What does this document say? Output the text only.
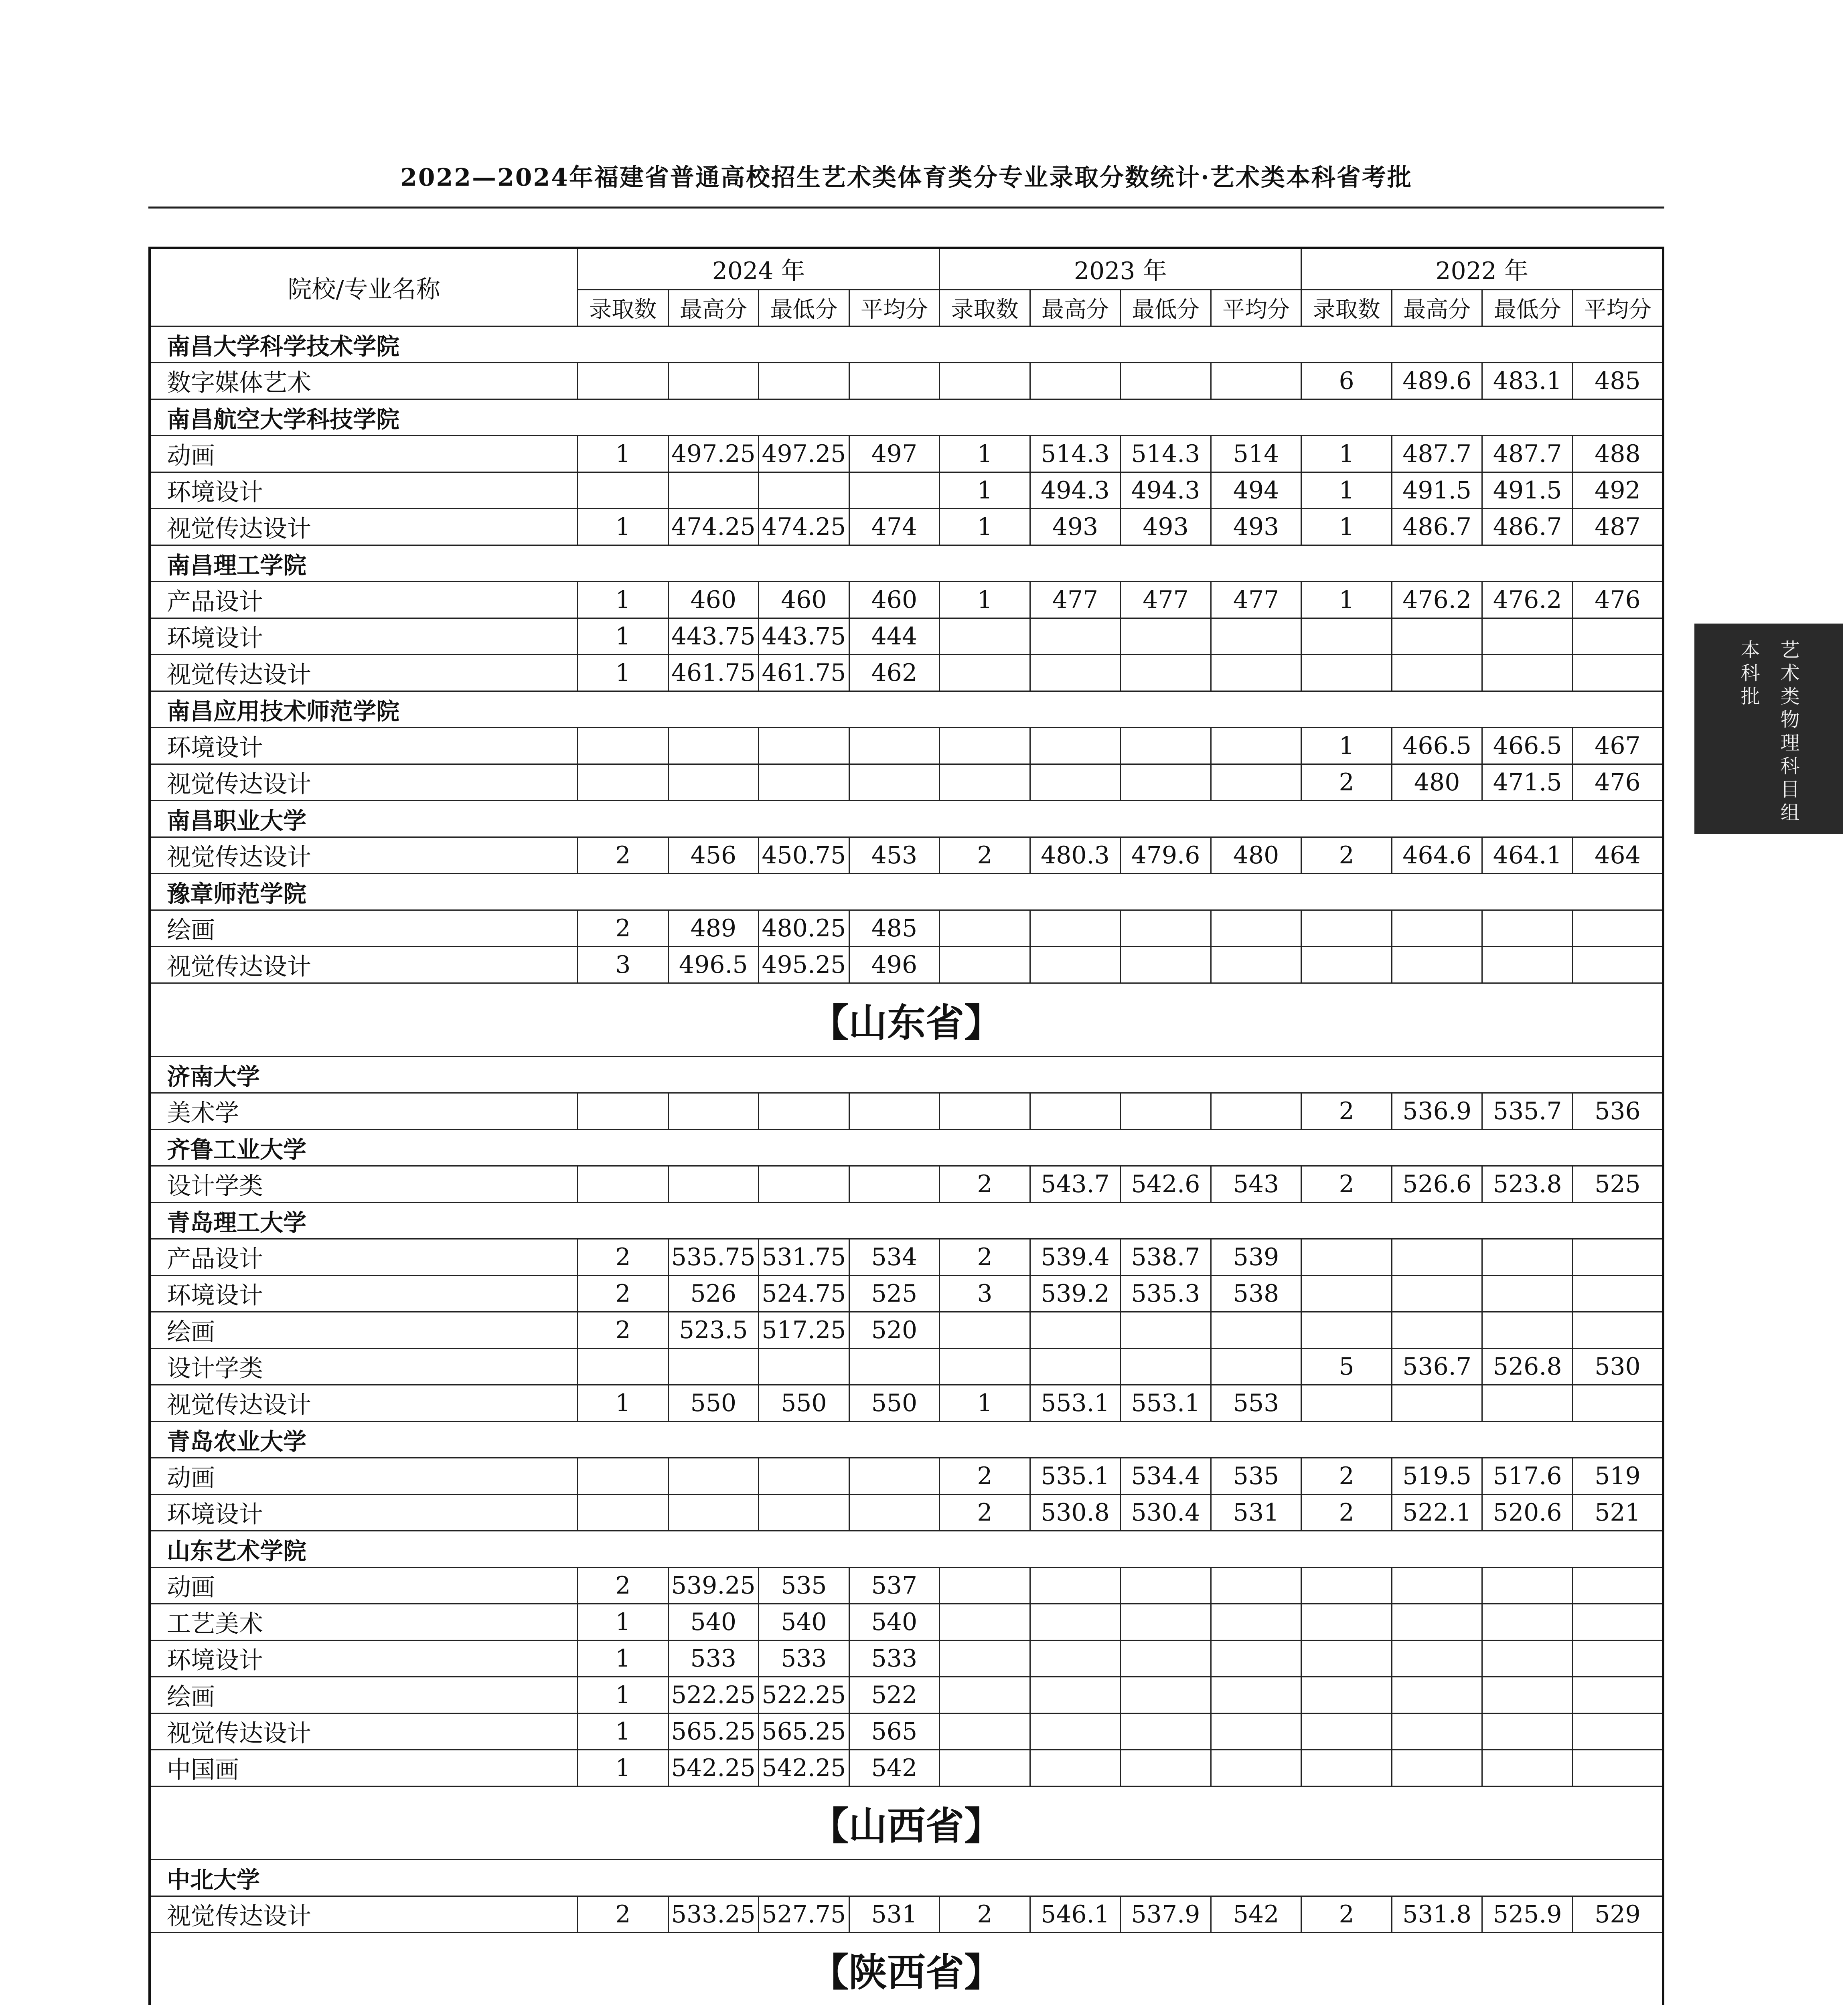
2022—2024年福建省普通高校招生艺术类体育类分专业录取分数统计·艺术类本科省考批
艺术类物理科目组
本科批
院校/专业名称	2024 年				2023 年				2022 年			
	录取数	最高分	最低分	平均分	录取数	最高分	最低分	平均分	录取数	最高分	最低分	平均分
南昌大学科学技术学院												
数字媒体艺术									6	489.6	483.1	485
南昌航空大学科技学院												
动画	1	497.25	497.25	497	1	514.3	514.3	514	1	487.7	487.7	488
环境设计					1	494.3	494.3	494	1	491.5	491.5	492
视觉传达设计	1	474.25	474.25	474	1	493	493	493	1	486.7	486.7	487
南昌理工学院												
产品设计	1	460	460	460	1	477	477	477	1	476.2	476.2	476
环境设计	1	443.75	443.75	444								
视觉传达设计	1	461.75	461.75	462								
南昌应用技术师范学院												
环境设计									1	466.5	466.5	467
视觉传达设计									2	480	471.5	476
南昌职业大学												
视觉传达设计	2	456	450.75	453	2	480.3	479.6	480	2	464.6	464.1	464
豫章师范学院												
绘画	2	489	480.25	485								
视觉传达设计	3	496.5	495.25	496								
【山东省】												
济南大学												
美术学									2	536.9	535.7	536
齐鲁工业大学												
设计学类					2	543.7	542.6	543	2	526.6	523.8	525
青岛理工大学												
产品设计	2	535.75	531.75	534	2	539.4	538.7	539				
环境设计	2	526	524.75	525	3	539.2	535.3	538				
绘画	2	523.5	517.25	520								
设计学类									5	536.7	526.8	530
视觉传达设计	1	550	550	550	1	553.1	553.1	553				
青岛农业大学												
动画					2	535.1	534.4	535	2	519.5	517.6	519
环境设计					2	530.8	530.4	531	2	522.1	520.6	521
山东艺术学院												
动画	2	539.25	535	537								
工艺美术	1	540	540	540								
环境设计	1	533	533	533								
绘画	1	522.25	522.25	522								
视觉传达设计	1	565.25	565.25	565								
中国画	1	542.25	542.25	542								
【山西省】												
中北大学												
视觉传达设计	2	533.25	527.75	531	2	546.1	537.9	542	2	531.8	525.9	529
【陕西省】												
